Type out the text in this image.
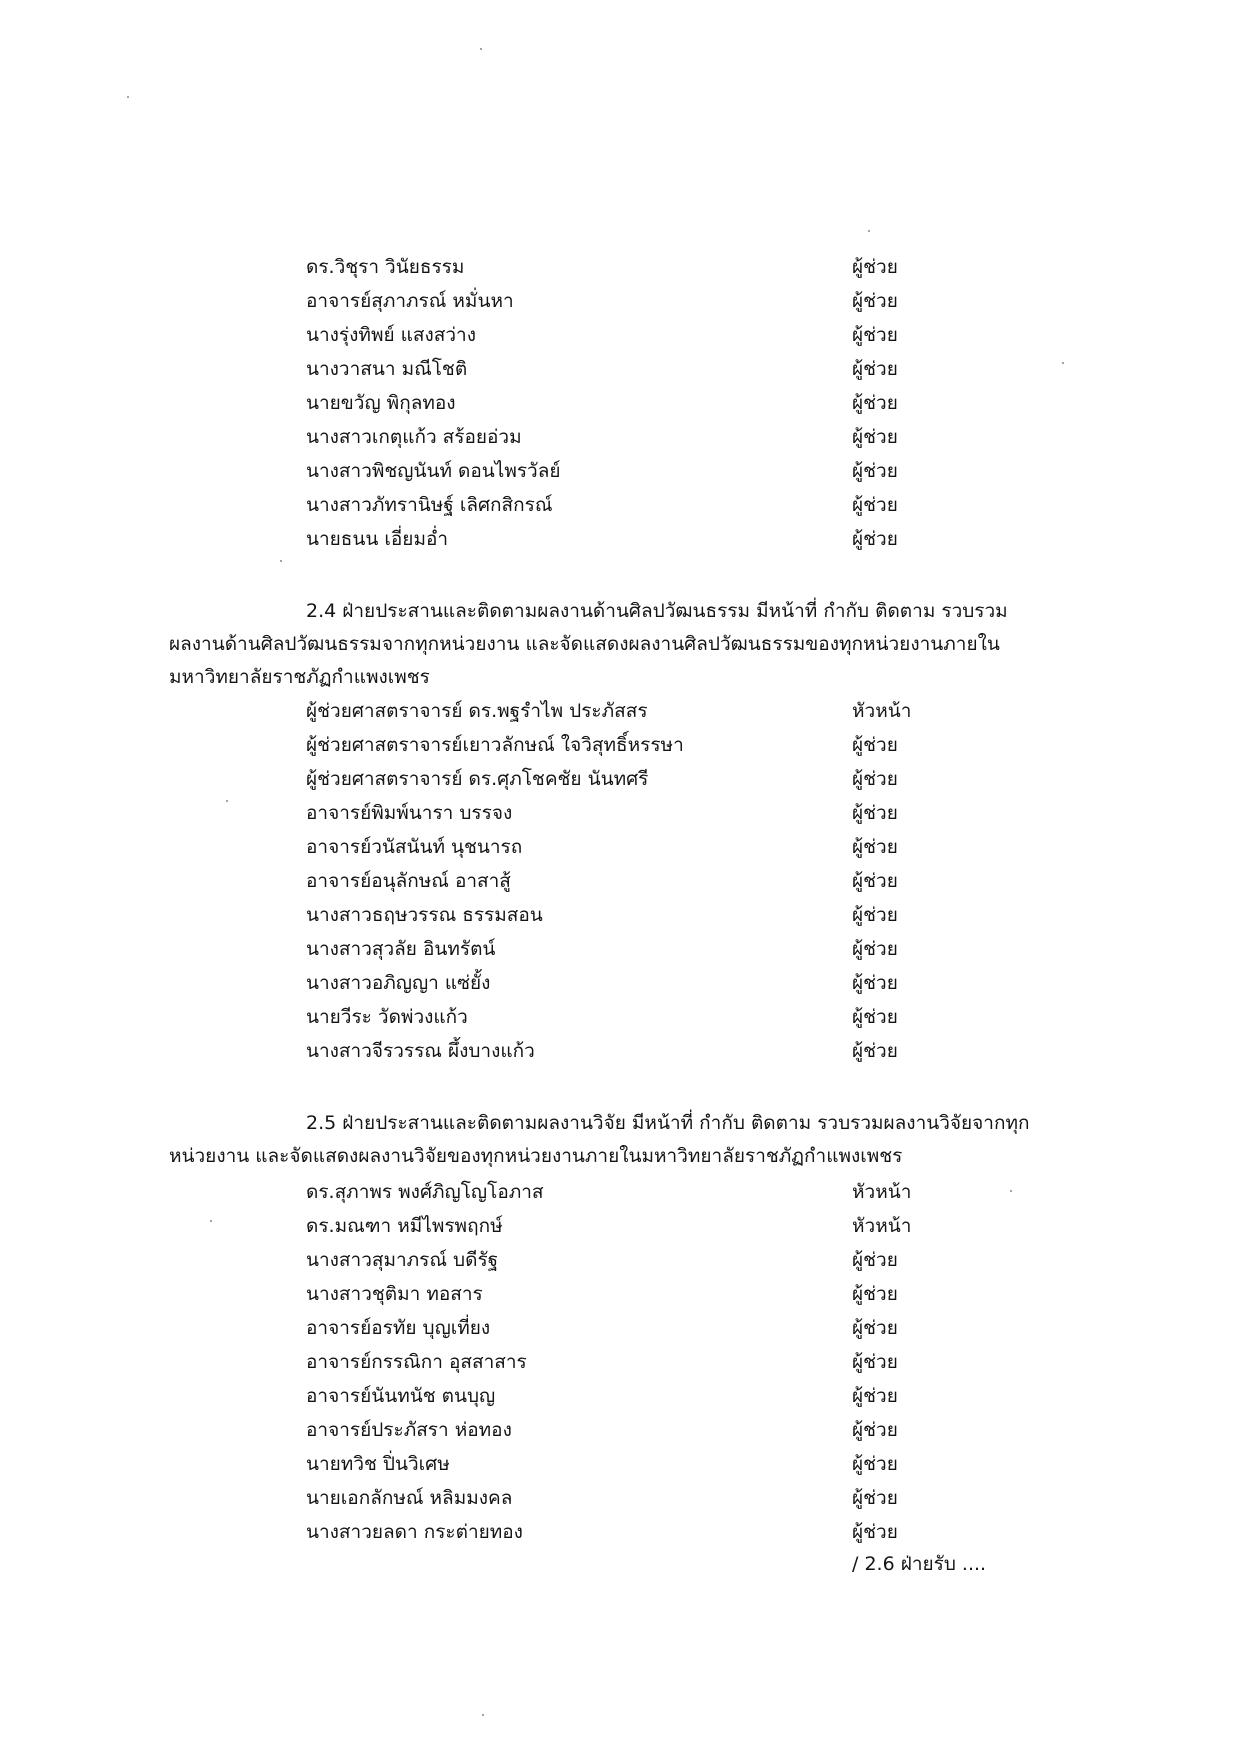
ดร.วิชุรา วินัยธรรม	ผู้ช่วย
อาจารย์สุภาภรณ์ หมั่นหา	ผู้ช่วย
นางรุ่งทิพย์ แสงสว่าง	ผู้ช่วย
นางวาสนา มณีโชติ	ผู้ช่วย
นายขวัญ พิกุลทอง	ผู้ช่วย
นางสาวเกตุแก้ว สร้อยอ่วม	ผู้ช่วย
นางสาวพิชญนันท์ ดอนไพรวัลย์	ผู้ช่วย
นางสาวภัทรานิษฐ์ เลิศกสิกรณ์	ผู้ช่วย
นายธนน เอี่ยมอ่ำ	ผู้ช่วย
2.4 ฝ่ายประสานและติดตามผลงานด้านศิลปวัฒนธรรม มีหน้าที่ กำกับ ติดตาม รวบรวม
ผลงานด้านศิลปวัฒนธรรมจากทุกหน่วยงาน และจัดแสดงผลงานศิลปวัฒนธรรมของทุกหน่วยงานภายใน
มหาวิทยาลัยราชภัฏกำแพงเพชร
ผู้ช่วยศาสตราจารย์ ดร.พฐรำไพ ประภัสสร	หัวหน้า
ผู้ช่วยศาสตราจารย์เยาวลักษณ์ ใจวิสุทธิ์หรรษา	ผู้ช่วย
ผู้ช่วยศาสตราจารย์ ดร.ศุภโชคชัย นันทศรี	ผู้ช่วย
อาจารย์พิมพ์นารา บรรจง	ผู้ช่วย
อาจารย์วนัสนันท์ นุชนารถ	ผู้ช่วย
อาจารย์อนุลักษณ์ อาสาสู้	ผู้ช่วย
นางสาวธฤษวรรณ ธรรมสอน	ผู้ช่วย
นางสาวสุวลัย อินทรัตน์	ผู้ช่วย
นางสาวอภิญญา แซ่ยั้ง	ผู้ช่วย
นายวีระ วัดพ่วงแก้ว	ผู้ช่วย
นางสาวจีรวรรณ ผึ้งบางแก้ว	ผู้ช่วย
2.5 ฝ่ายประสานและติดตามผลงานวิจัย มีหน้าที่ กำกับ ติดตาม รวบรวมผลงานวิจัยจากทุก
หน่วยงาน และจัดแสดงผลงานวิจัยของทุกหน่วยงานภายในมหาวิทยาลัยราชภัฏกำแพงเพชร
ดร.สุภาพร พงศ์ภิญโญโอภาส	หัวหน้า
ดร.มณฑา หมีไพรพฤกษ์	หัวหน้า
นางสาวสุมาภรณ์ บดีรัฐ	ผู้ช่วย
นางสาวชุติมา ทอสาร	ผู้ช่วย
อาจารย์อรทัย บุญเที่ยง	ผู้ช่วย
อาจารย์กรรณิกา อุสสาสาร	ผู้ช่วย
อาจารย์นันทนัช ตนบุญ	ผู้ช่วย
อาจารย์ประภัสรา ห่อทอง	ผู้ช่วย
นายทวิช ปิ่นวิเศษ	ผู้ช่วย
นายเอกลักษณ์ หลิมมงคล	ผู้ช่วย
นางสาวยลดา กระต่ายทอง	ผู้ช่วย
/ 2.6 ฝ่ายรับ ....
